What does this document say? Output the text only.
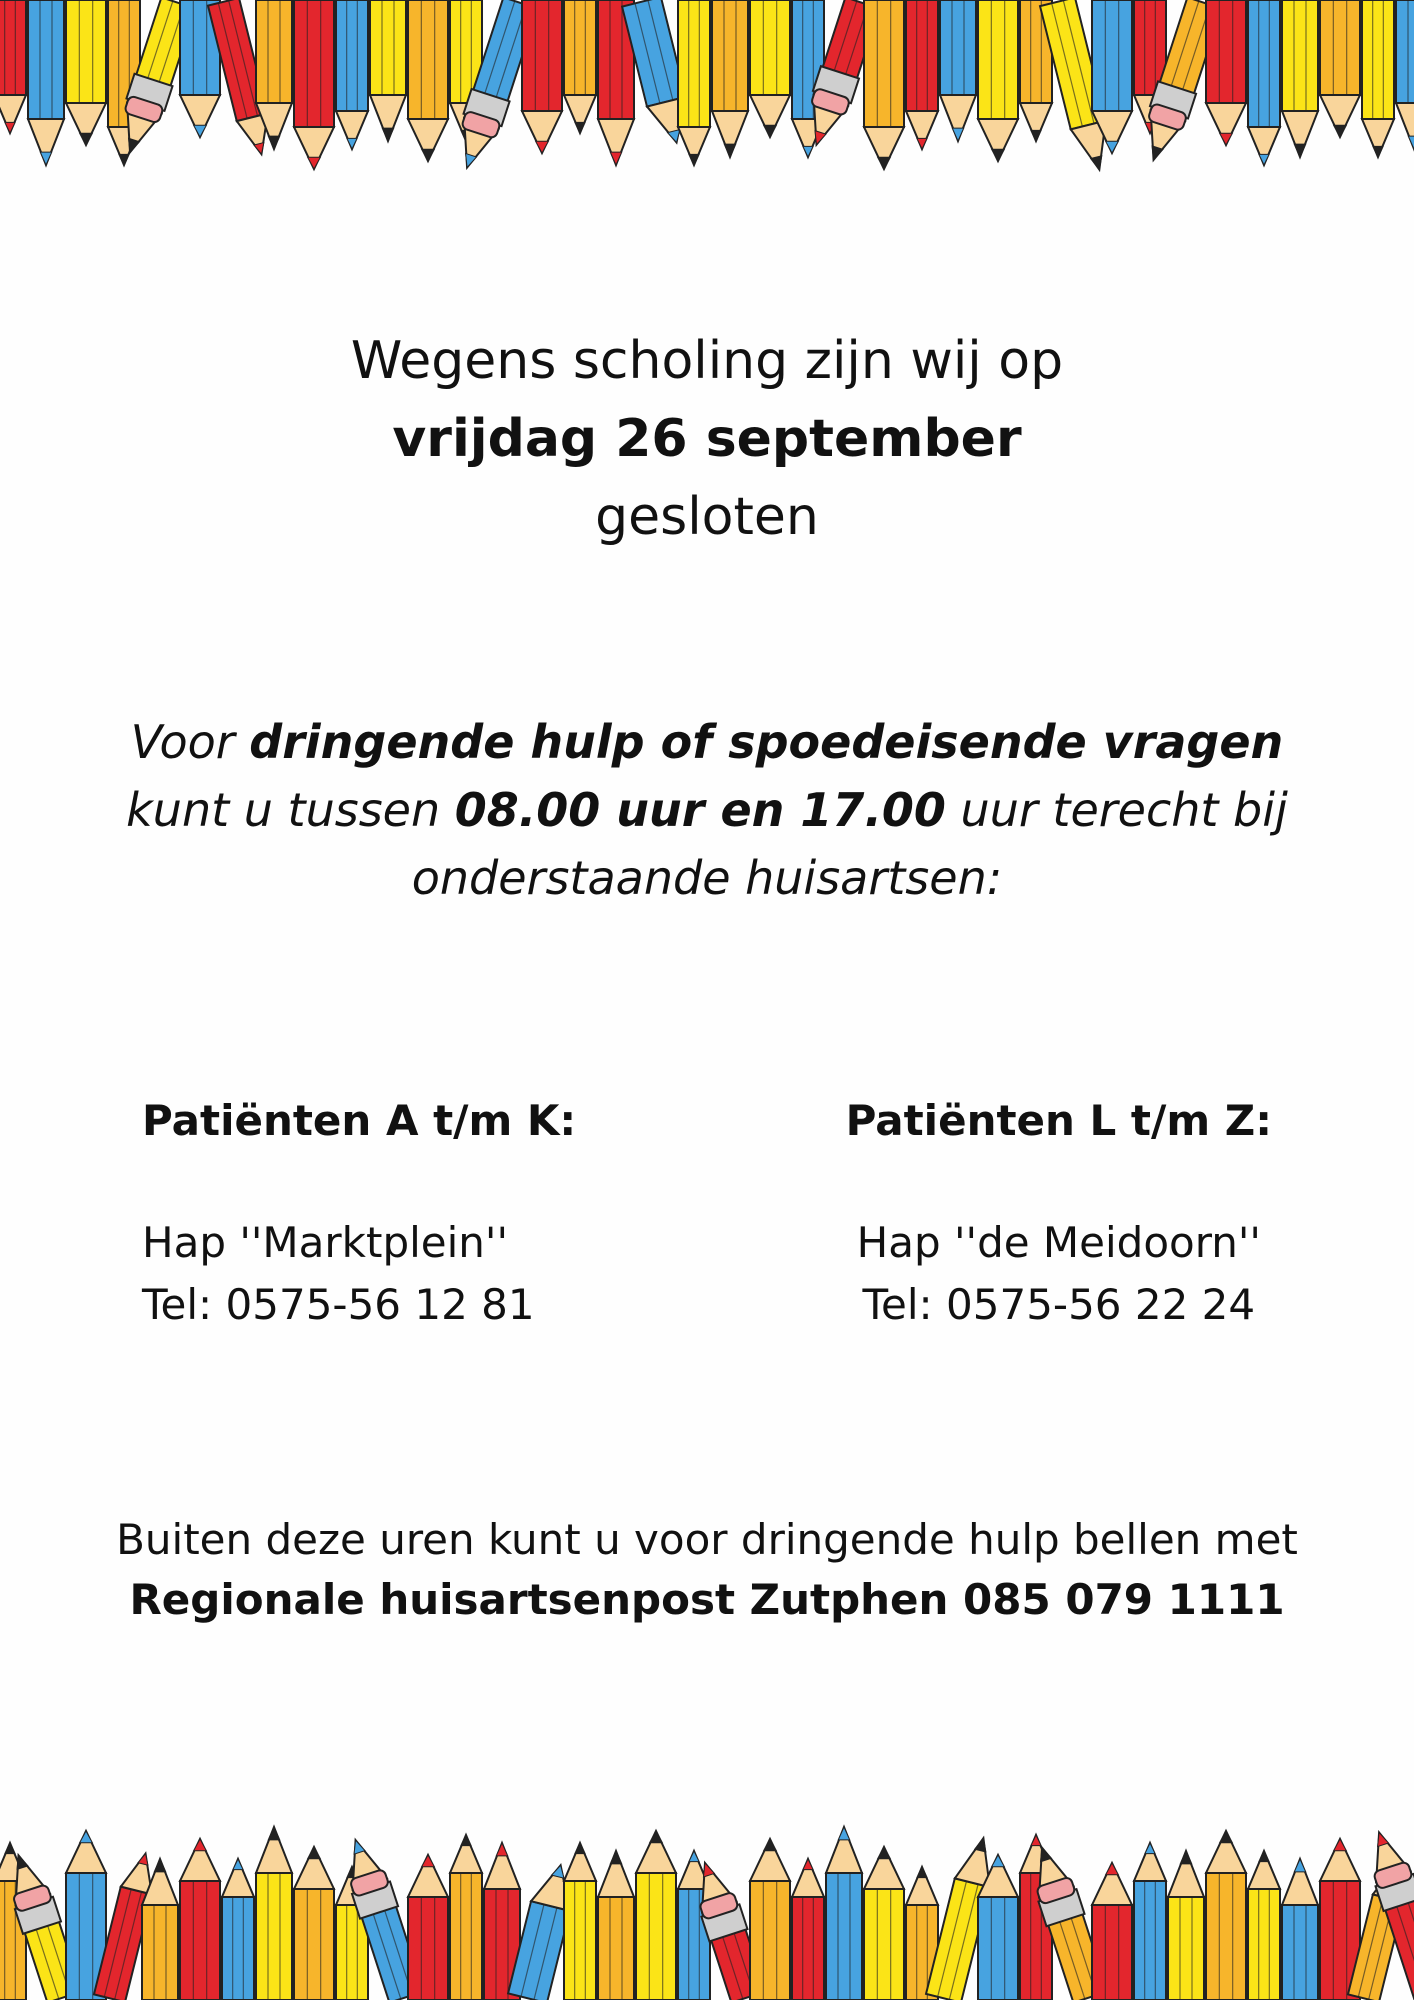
Wegens scholing zijn wij op
vrijdag 26 september
gesloten
Voor dringende hulp of spoedeisende vragen
kunt u tussen 08.00 uur en 17.00 uur terecht bij
onderstaande huisartsen:
Patiënten A t/m K:
Hap ''Marktplein''
Tel: 0575-56 12 81
Patiënten L t/m Z:
Hap ''de Meidoorn''
Tel: 0575-56 22 24
Buiten deze uren kunt u voor dringende hulp bellen met
Regionale huisartsenpost Zutphen 085 079 1111
